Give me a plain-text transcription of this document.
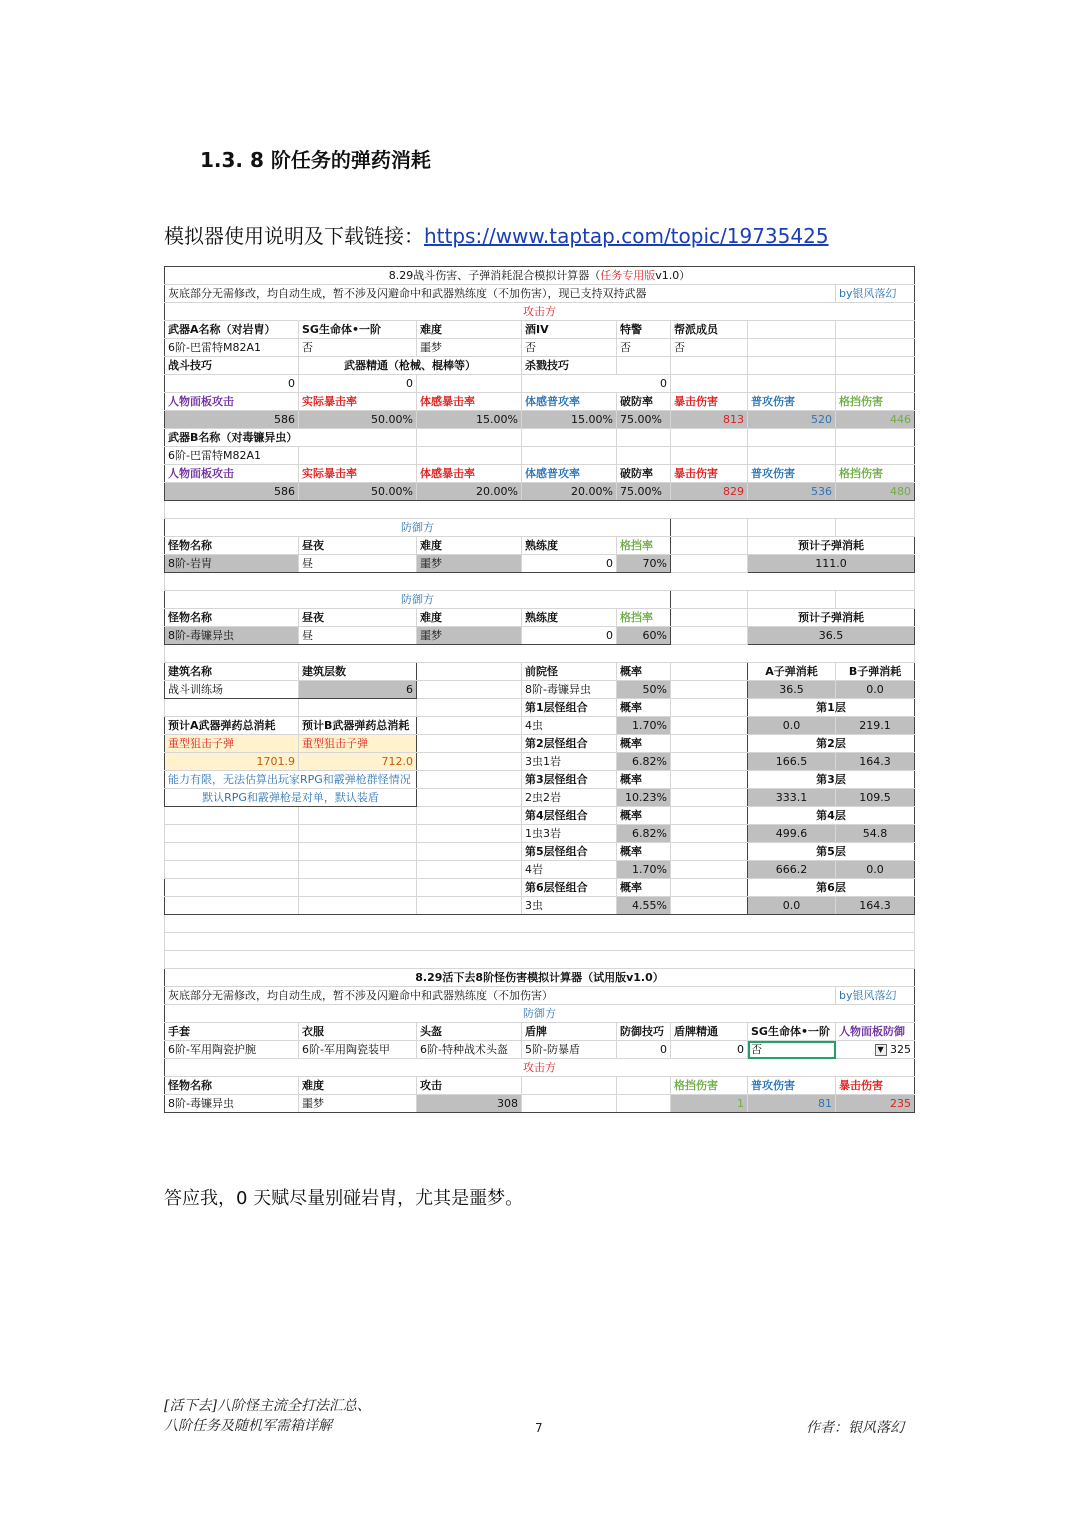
1.3. 8 阶任务的弹药消耗
模拟器使用说明及下载链接：https://www.taptap.com/topic/19735425
8.29战斗伤害、子弹消耗混合模拟计算器（任务专用版v1.0）							
灰底部分无需修改，均自动生成，暂不涉及闪避命中和武器熟练度（不加伤害），现已支持双持武器							by银风落幻
攻击方							
武器A名称（对岩胄）	SG生命体•一阶	难度	酒IV	特警	帮派成员		
6阶-巴雷特M82A1	否	噩梦	否	否	否		
战斗技巧	武器精通（枪械、棍棒等）		杀戮技巧				
0	0		0				
人物面板攻击	实际暴击率	体感暴击率	体感普攻率	破防率	暴击伤害	普攻伤害	格挡伤害
586	50.00%	15.00%	15.00%	75.00%	813	520	446
武器B名称（对毒镰异虫）							
6阶-巴雷特M82A1							
人物面板攻击	实际暴击率	体感暴击率	体感普攻率	破防率	暴击伤害	普攻伤害	格挡伤害
586	50.00%	20.00%	20.00%	75.00%	829	536	480

防御方							
怪物名称	昼夜	难度	熟练度	格挡率		预计子弹消耗	
8阶-岩胄	昼	噩梦	0	70%		111.0	

防御方							
怪物名称	昼夜	难度	熟练度	格挡率		预计子弹消耗	
8阶-毒镰异虫	昼	噩梦	0	60%		36.5	

建筑名称	建筑层数		前院怪	概率		A子弹消耗	B子弹消耗
战斗训练场	6		8阶-毒镰异虫	50%		36.5	0.0
			第1层怪组合	概率		第1层	
预计A武器弹药总消耗	预计B武器弹药总消耗		4虫	1.70%		0.0	219.1
重型狙击子弹	重型狙击子弹		第2层怪组合	概率		第2层	
1701.9	712.0		3虫1岩	6.82%		166.5	164.3
能力有限，无法估算出玩家RPG和霰弹枪群怪情况			第3层怪组合	概率		第3层	
默认RPG和霰弹枪是对单，默认装盾			2虫2岩	10.23%		333.1	109.5
			第4层怪组合	概率		第4层	
			1虫3岩	6.82%		499.6	54.8
			第5层怪组合	概率		第5层	
			4岩	1.70%		666.2	0.0
			第6层怪组合	概率		第6层	
			3虫	4.55%		0.0	164.3

8.29活下去8阶怪伤害模拟计算器（试用版v1.0）							
灰底部分无需修改，均自动生成，暂不涉及闪避命中和武器熟练度（不加伤害）							by银风落幻
防御方							
手套	衣服	头盔	盾牌	防御技巧	盾牌精通	SG生命体•一阶	人物面板防御
6阶-军用陶瓷护腕	6阶-军用陶瓷装甲	6阶-特种战术头盔	5阶-防暴盾	0	0	否	▼ 325
攻击方							
怪物名称	难度	攻击			格挡伤害	普攻伤害	暴击伤害
8阶-毒镰异虫	噩梦	308			1	81	235
答应我，0 天赋尽量别碰岩胄，尤其是噩梦。
[活下去]八阶怪主流全打法汇总、
八阶任务及随机军需箱详解	7	作者：银风落幻
